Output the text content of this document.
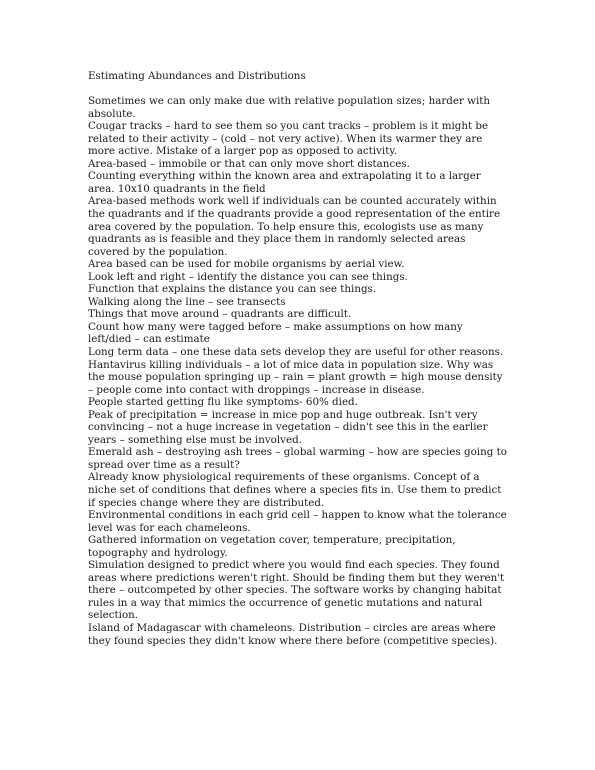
Estimating Abundances and Distributions
Sometimes we can only make due with relative population sizes; harder with absolute.
Cougar tracks – hard to see them so you cant tracks – problem is it might be related to their activity – (cold – not very active). When its warmer they are more active. Mistake of a larger pop as opposed to activity.
Area-based – immobile or that can only move short distances.
Counting everything within the known area and extrapolating it to a larger area. 10x10 quadrants in the field
Area-based methods work well if individuals can be counted accurately within the quadrants and if the quadrants provide a good representation of the entire area covered by the population. To help ensure this, ecologists use as many quadrants as is feasible and they place them in randomly selected areas covered by the population.
Area based can be used for mobile organisms by aerial view.
Look left and right – identify the distance you can see things.
Function that explains the distance you can see things.
Walking along the line – see transects
Things that move around – quadrants are difficult.
Count how many were tagged before – make assumptions on how many left/died – can estimate
Long term data – one these data sets develop they are useful for other reasons.
Hantavirus killing individuals – a lot of mice data in population size. Why was the mouse population springing up – rain = plant growth = high mouse density – people come into contact with droppings – increase in disease.
People started getting flu like symptoms- 60% died.
Peak of precipitation = increase in mice pop and huge outbreak. Isn't very convincing – not a huge increase in vegetation – didn't see this in the earlier years – something else must be involved.
Emerald ash – destroying ash trees – global warming – how are species going to spread over time as a result?
Already know physiological requirements of these organisms. Concept of a niche set of conditions that defines where a species fits in. Use them to predict if species change where they are distributed.
Environmental conditions in each grid cell – happen to know what the tolerance level was for each chameleons.
Gathered information on vegetation cover, temperature, precipitation, topography and hydrology.
Simulation designed to predict where you would find each species. They found areas where predictions weren't right. Should be finding them but they weren't there – outcompeted by other species. The software works by changing habitat rules in a way that mimics the occurrence of genetic mutations and natural selection.
Island of Madagascar with chameleons. Distribution – circles are areas where they found species they didn't know where there before (competitive species).
